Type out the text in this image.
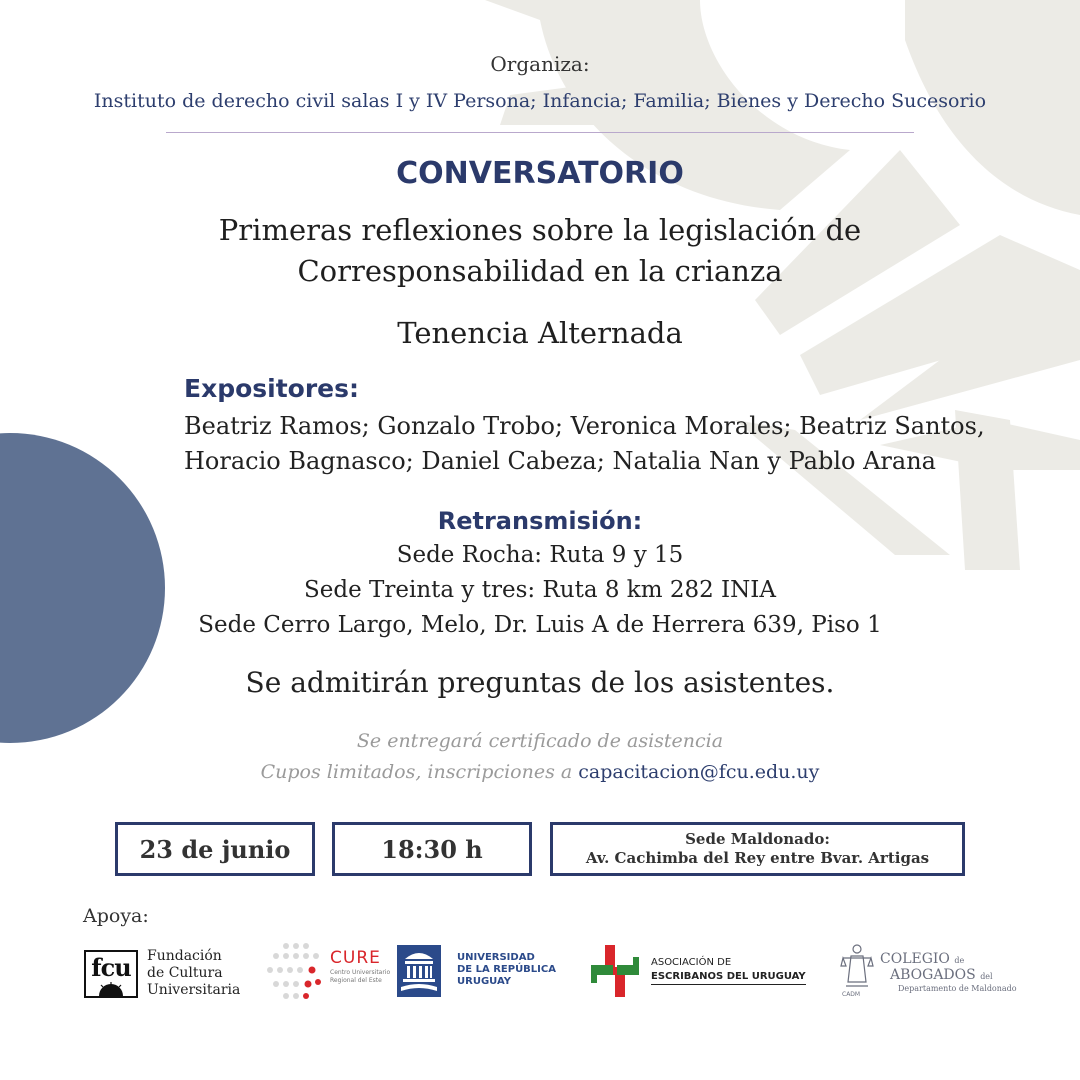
Organiza:
Instituto de derecho civil salas I y IV Persona; Infancia; Familia; Bienes y Derecho Sucesorio
CONVERSATORIO
Primeras reflexiones sobre la legislación de
Corresponsabilidad en la crianza
Tenencia Alternada
Expositores:
Beatriz Ramos; Gonzalo Trobo; Veronica Morales; Beatriz Santos,
Horacio Bagnasco; Daniel Cabeza; Natalia Nan y Pablo Arana
Retransmisión:
Sede Rocha: Ruta 9 y 15
Sede Treinta y tres: Ruta 8 km 282 INIA
Sede Cerro Largo, Melo, Dr. Luis A de Herrera 639, Piso 1
Se admitirán preguntas de los asistentes.
Se entregará certificado de asistencia
Cupos limitados, inscripciones a capacitacion@fcu.edu.uy
23 de junio	18:30 h	Sede Maldonado:
Av. Cachimba del Rey entre Bvar. Artigas
Apoya:
fcu	Fundación
de Cultura
Universitaria
CURE
Centro Universitario
Regional del Este
UNIVERSIDAD
DE LA REPÚBLICA
URUGUAY
ASOCIACIÓN DE
ESCRIBANOS DEL URUGUAY
CADM
COLEGIO de
ABOGADOS del
Departamento de Maldonado
